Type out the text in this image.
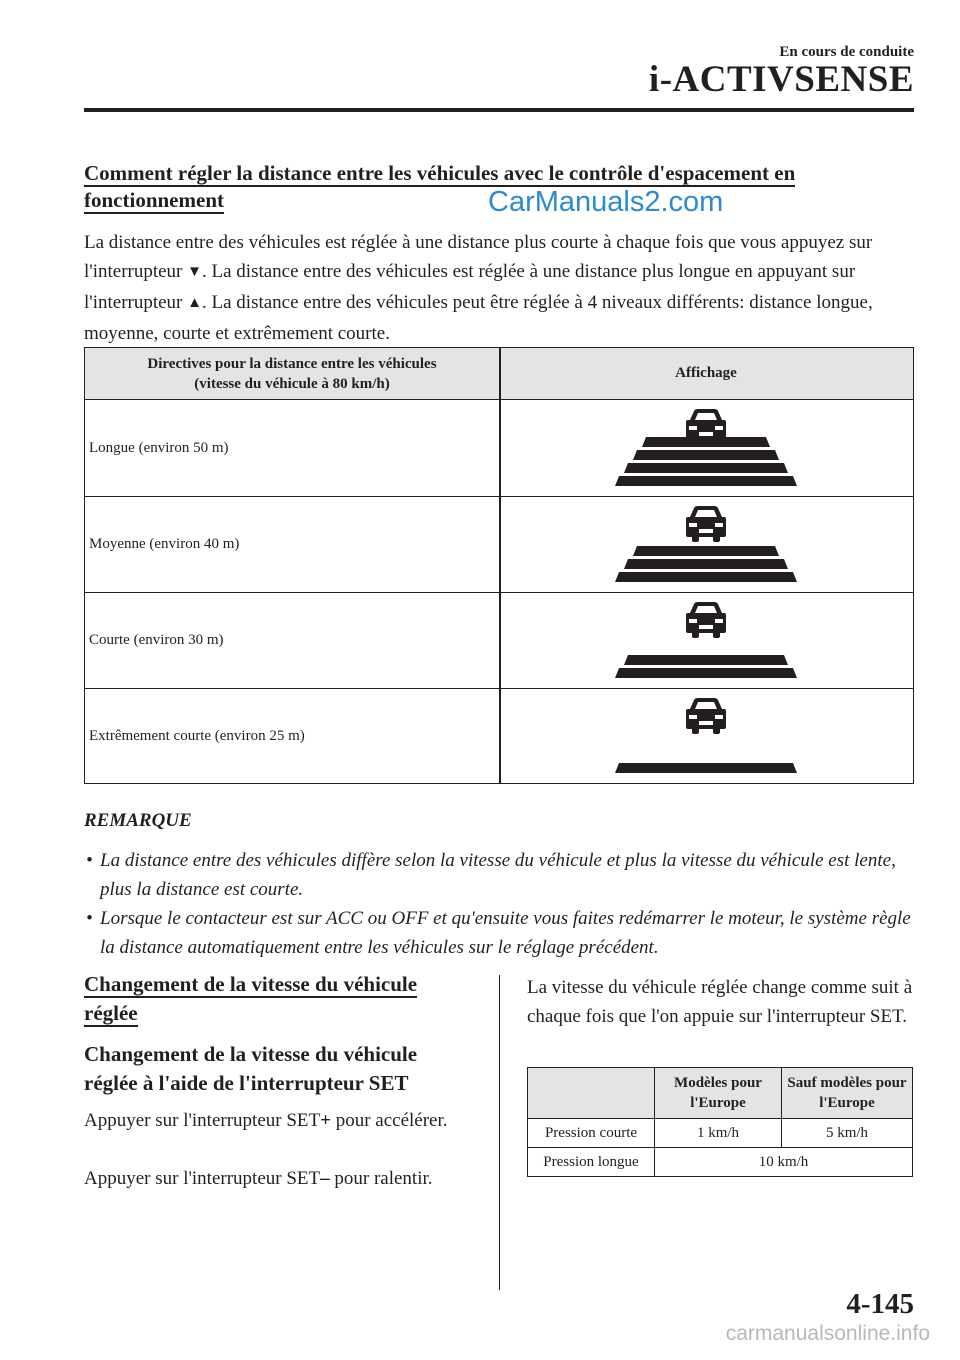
En cours de conduite
i-ACTIVSENSE
Comment régler la distance entre les véhicules avec le contrôle d'espacement en fonctionnement	CarManuals2.com
La distance entre des véhicules est réglée à une distance plus courte à chaque fois que vous appuyez sur l'interrupteur ▼. La distance entre des véhicules est réglée à une distance plus longue en appuyant sur l'interrupteur ▲. La distance entre des véhicules peut être réglée à 4 niveaux différents: distance longue, moyenne, courte et extrêmement courte.
Directives pour la distance entre les véhicules
(vitesse du véhicule à 80 km/h)
Affichage
Longue (environ 50 m)
Moyenne (environ 40 m)
Courte (environ 30 m)
Extrêmement courte (environ 25 m)
REMARQUE
• La distance entre des véhicules diffère selon la vitesse du véhicule et plus la vitesse du véhicule est lente, plus la distance est courte.
• Lorsque le contacteur est sur ACC ou OFF et qu'ensuite vous faites redémarrer le moteur, le système règle la distance automatiquement entre les véhicules sur le réglage précédent.
Changement de la vitesse du véhicule réglée
Changement de la vitesse du véhicule réglée à l'aide de l'interrupteur SET
Appuyer sur l'interrupteur SET+ pour accélérer.
Appuyer sur l'interrupteur SET– pour ralentir.
La vitesse du véhicule réglée change comme suit à chaque fois que l'on appuie sur l'interrupteur SET.
	Modèles pour l'Europe	Sauf modèles pour l'Europe
Pression courte	1 km/h	5 km/h
Pression longue	10 km/h	
4-145
carmanualsonline.info
